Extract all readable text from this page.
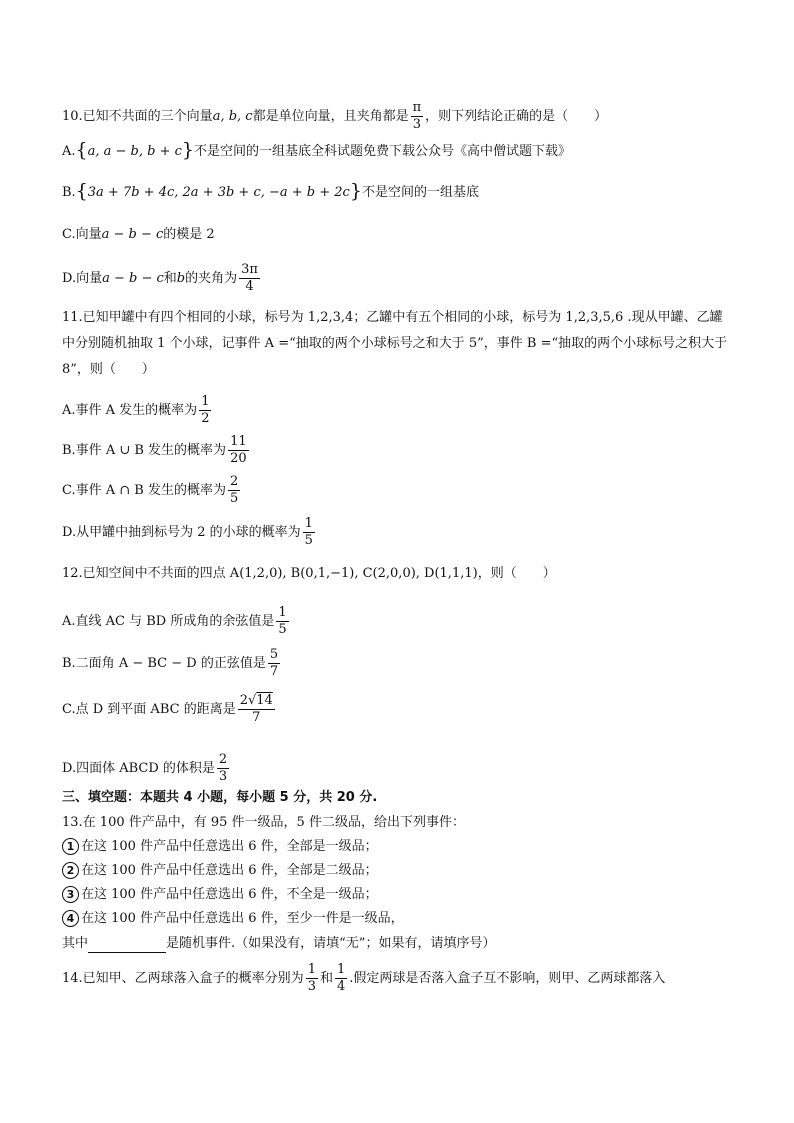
10.已知不共面的三个向量a, b, c都是单位向量，且夹角都是 $\frac{\pi}{3}$ ，则下列结论正确的是（　　）
A.{a, a − b, b + c}不是空间的一组基底全科试题免费下载公众号《高中僧试题下载》
B.{3a + 7b + 4c, 2a + 3b + c, −a + b + 2c}不是空间的一组基底
C.向量a − b − c的模是 2
D.向量a − b − c和b的夹角为 $\frac{3\pi}{4}$
11.已知甲罐中有四个相同的小球，标号为 1,2,3,4；乙罐中有五个相同的小球，标号为 1,2,3,5,6 .现从甲罐、乙罐中分别随机抽取 1 个小球，记事件 A =“抽取的两个小球标号之和大于 5”，事件 B =“抽取的两个小球标号之积大于 8”，则（　　）
A.事件 A 发生的概率为 $\frac{1}{2}$
B.事件 A ∪ B 发生的概率为 $\frac{11}{20}$
C.事件 A ∩ B 发生的概率为 $\frac{2}{5}$
D.从甲罐中抽到标号为 2 的小球的概率为 $\frac{1}{5}$
12.已知空间中不共面的四点 A(1,2,0), B(0,1,−1), C(2,0,0), D(1,1,1)，则（　　）
A.直线 AC 与 BD 所成角的余弦值是 $\frac{1}{5}$
B.二面角 A − BC − D 的正弦值是 $\frac{5}{7}$
C.点 D 到平面 ABC 的距离是 $\frac{2√14}{7}$
D.四面体 ABCD 的体积是 $\frac{2}{3}$
三、填空题：本题共 4 小题，每小题 5 分，共 20 分.
13.在 100 件产品中，有 95 件一级品，5 件二级品，给出下列事件：
1 在这 100 件产品中任意选出 6 件，全部是一级品；
2 在这 100 件产品中任意选出 6 件，全部是二级品；
3 在这 100 件产品中任意选出 6 件，不全是一级品；
4 在这 100 件产品中任意选出 6 件，至少一件是一级品，
其中	是随机事件.（如果没有，请填“无”；如果有，请填序号）
14.已知甲、乙两球落入盒子的概率分别为 $\frac{1}{3}$ 和 $\frac{1}{4}$ .假定两球是否落入盒子互不影响，则甲、乙两球都落入
